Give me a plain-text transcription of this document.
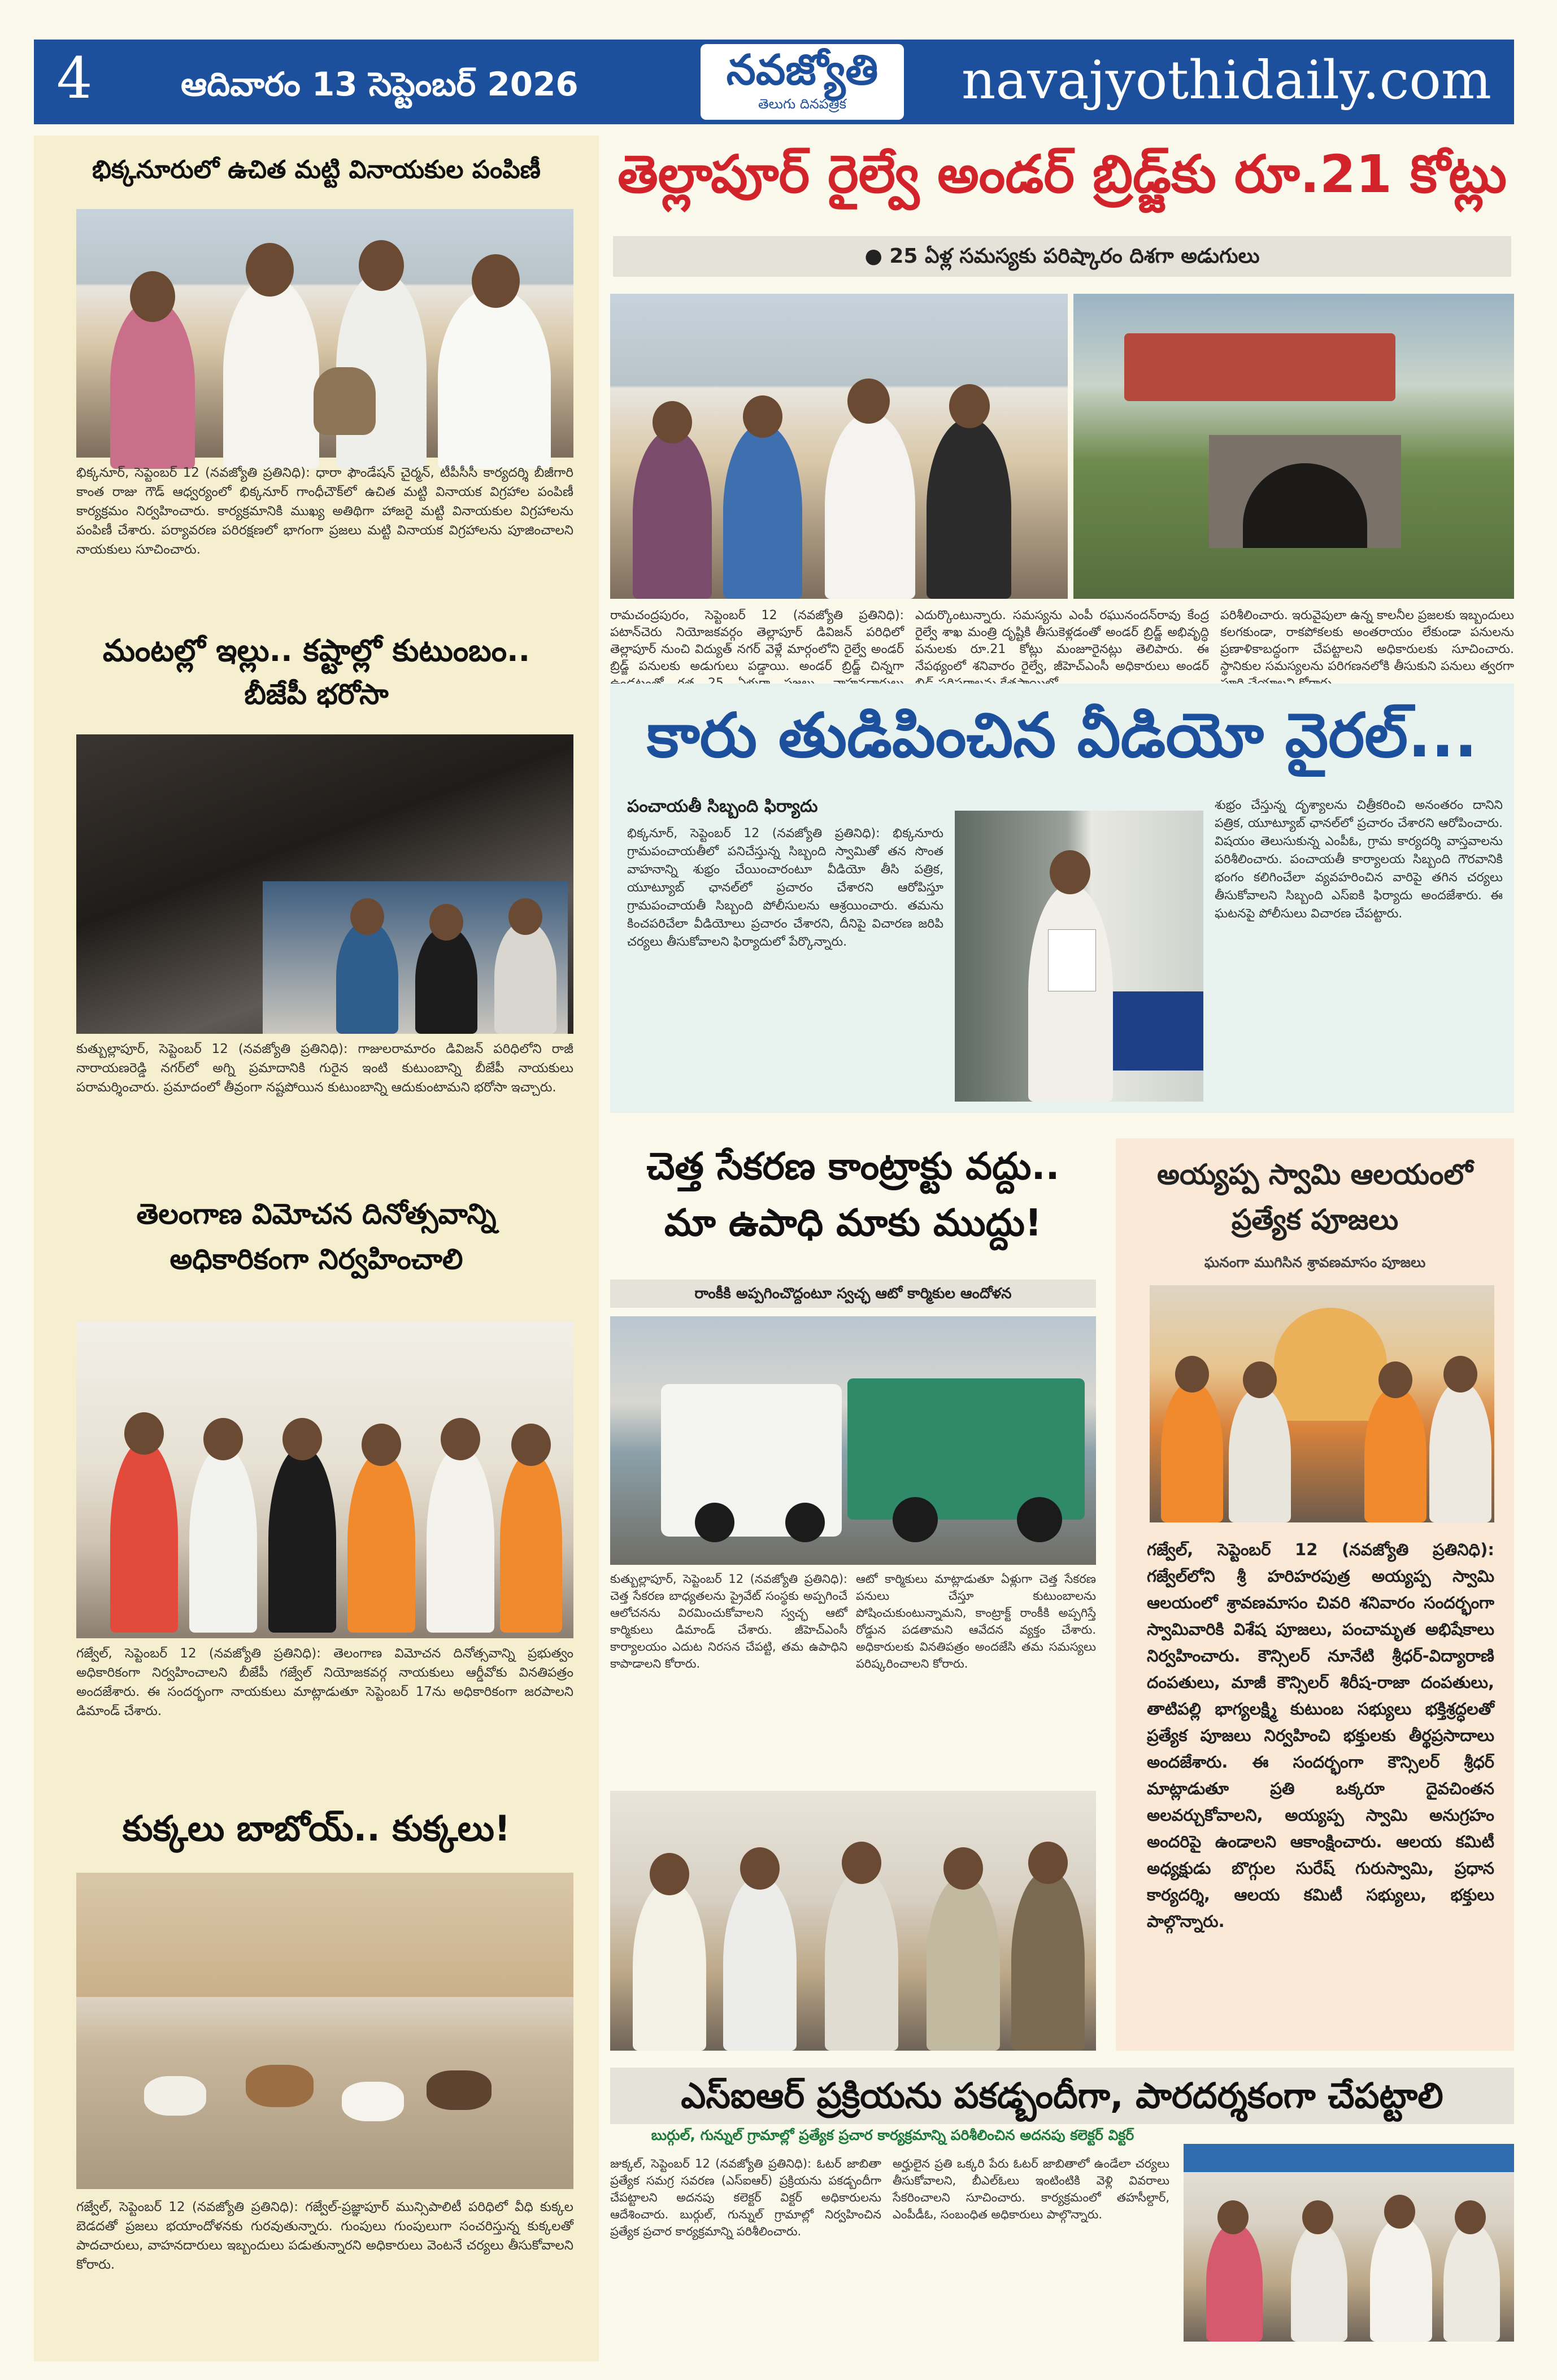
4	ఆదివారం 13 సెప్టెంబర్ 2026	నవజ్యోతి
తెలుగు దినపత్రిక	navajyothidaily.com
భిక్కనూరులో ఉచిత మట్టి వినాయకుల పంపిణీ
భిక్కనూర్, సెప్టెంబర్ 12 (నవజ్యోతి ప్రతినిధి): ధారా ఫౌండేషన్ చైర్మన్, టీపీసీసీ కార్యదర్శి బీజీగారి కాంత రాజు గౌడ్ ఆధ్వర్యంలో భిక్కనూర్ గాంధీచౌక్‌లో ఉచిత మట్టి వినాయక విగ్రహాల పంపిణీ కార్యక్రమం నిర్వహించారు. కార్యక్రమానికి ముఖ్య అతిథిగా హాజరై మట్టి వినాయకుల విగ్రహాలను పంపిణీ చేశారు. పర్యావరణ పరిరక్షణలో భాగంగా ప్రజలు మట్టి వినాయక విగ్రహాలను పూజించాలని నాయకులు సూచించారు.
మంటల్లో ఇల్లు.. కష్టాల్లో కుటుంబం..
బీజేపీ భరోసా
కుత్బుల్లాపూర్, సెప్టెంబర్ 12 (నవజ్యోతి ప్రతినిధి): గాజులరామారం డివిజన్ పరిధిలోని రాజీ నారాయణరెడ్డి నగర్‌లో అగ్ని ప్రమాదానికి గురైన ఇంటి కుటుంబాన్ని బీజేపీ నాయకులు పరామర్శించారు. ప్రమాదంలో తీవ్రంగా నష్టపోయిన కుటుంబాన్ని ఆదుకుంటామని భరోసా ఇచ్చారు.
తెలంగాణ విమోచన దినోత్సవాన్ని
అధికారికంగా నిర్వహించాలి
గజ్వేల్, సెప్టెంబర్ 12 (నవజ్యోతి ప్రతినిధి): తెలంగాణ విమోచన దినోత్సవాన్ని ప్రభుత్వం అధికారికంగా నిర్వహించాలని బీజేపీ గజ్వేల్ నియోజకవర్గ నాయకులు ఆర్డీవోకు వినతిపత్రం అందజేశారు. ఈ సందర్భంగా నాయకులు మాట్లాడుతూ సెప్టెంబర్ 17ను అధికారికంగా జరపాలని డిమాండ్ చేశారు.
కుక్కలు బాబోయ్.. కుక్కలు!
గజ్వేల్, సెప్టెంబర్ 12 (నవజ్యోతి ప్రతినిధి): గజ్వేల్-ప్రజ్ఞాపూర్ మున్సిపాలిటీ పరిధిలో వీధి కుక్కల బెడదతో ప్రజలు భయాందోళనకు గురవుతున్నారు. గుంపులు గుంపులుగా సంచరిస్తున్న కుక్కలతో పాదచారులు, వాహనదారులు ఇబ్బందులు పడుతున్నారని అధికారులు వెంటనే చర్యలు తీసుకోవాలని కోరారు.
తెల్లాపూర్ రైల్వే అండర్ బ్రిడ్జ్‌కు రూ.21 కోట్లు
● 25 ఏళ్ల సమస్యకు పరిష్కారం దిశగా అడుగులు
రామచంద్రపురం, సెప్టెంబర్ 12 (నవజ్యోతి ప్రతినిధి): పటాన్‌చెరు నియోజకవర్గం తెల్లాపూర్ డివిజన్ పరిధిలో తెల్లాపూర్ నుంచి విద్యుత్ నగర్ వెళ్లే మార్గంలోని రైల్వే అండర్ బ్రిడ్జ్ పనులకు అడుగులు పడ్డాయి. అండర్ బ్రిడ్జ్ చిన్నగా
ఎదుర్కొంటున్నారు. సమస్యను ఎంపీ రఘునందన్‌రావు కేంద్ర రైల్వే శాఖ మంత్రి దృష్టికి తీసుకెళ్లడంతో అండర్ బ్రిడ్జ్ అభివృద్ధి పనులకు రూ.21 కోట్లు మంజూరైనట్లు తెలిపారు. ఈ నేపథ్యంలో శనివారం రైల్వే, జీహెచ్ఎంసీ అధికారులు అండర్
పరిశీలించారు. ఇరువైపులా ఉన్న కాలనీల ప్రజలకు ఇబ్బందులు కలగకుండా, రాకపోకలకు అంతరాయం లేకుండా పనులను ప్రణాళికాబద్ధంగా చేపట్టాలని అధికారులకు సూచించారు. స్థానికుల సమస్యలను పరిగణనలోకి తీసుకుని పనులు త్వరగా
కారు తుడిపించిన వీడియో వైరల్...
పంచాయతీ సిబ్బంది ఫిర్యాదు
భిక్కనూర్, సెప్టెంబర్ 12 (నవజ్యోతి ప్రతినిధి): భిక్కనూరు గ్రామపంచాయతీలో పనిచేస్తున్న సిబ్బంది స్వామితో తన సొంత వాహనాన్ని శుభ్రం చేయించారంటూ వీడియో తీసి పత్రిక, యూట్యూబ్ ఛానల్‌లో ప్రచారం చేశారని ఆరోపిస్తూ గ్రామపంచాయతీ సిబ్బంది పోలీసులను ఆశ్రయించారు. తమను కించపరిచేలా వీడియోలు ప్రచారం చేశారని, దీనిపై విచారణ జరిపి చర్యలు తీసుకోవాలని ఫిర్యాదులో పేర్కొన్నారు.
శుభ్రం చేస్తున్న దృశ్యాలను చిత్రీకరించి అనంతరం దానిని పత్రిక, యూట్యూబ్ ఛానల్‌లో ప్రచారం చేశారని ఆరోపించారు. విషయం తెలుసుకున్న ఎంపీఓ, గ్రామ కార్యదర్శి వాస్తవాలను పరిశీలించారు. పంచాయతీ కార్యాలయ సిబ్బంది గౌరవానికి భంగం కలిగించేలా వ్యవహరించిన వారిపై తగిన చర్యలు తీసుకోవాలని సిబ్బంది ఎస్ఐకి ఫిర్యాదు అందజేశారు. ఈ ఘటనపై పోలీసులు విచారణ చేపట్టారు.
చెత్త సేకరణ కాంట్రాక్టు వద్దు..
మా ఉపాధి మాకు ముద్దు!
రాంకీకి అప్పగించొద్దంటూ స్వచ్ఛ ఆటో కార్మికుల ఆందోళన
కుత్బుల్లాపూర్, సెప్టెంబర్ 12 (నవజ్యోతి ప్రతినిధి): చెత్త సేకరణ బాధ్యతలను ప్రైవేట్ సంస్థకు అప్పగించే ఆలోచనను విరమించుకోవాలని స్వచ్ఛ ఆటో కార్మికులు డిమాండ్ చేశారు. జీహెచ్ఎంసీ కార్యాలయం ఎదుట నిరసన చేపట్టి, తమ ఉపాధిని కాపాడాలని కోరారు.
ఆటో కార్మికులు మాట్లాడుతూ ఏళ్లుగా చెత్త సేకరణ పనులు చేస్తూ కుటుంబాలను పోషించుకుంటున్నామని, కాంట్రాక్ట్ రాంకీకి అప్పగిస్తే రోడ్డున పడతామని ఆవేదన వ్యక్తం చేశారు. అధికారులకు వినతిపత్రం అందజేసి తమ సమస్యలు పరిష్కరించాలని కోరారు.
అయ్యప్ప స్వామి ఆలయంలో
ప్రత్యేక పూజలు
ఘనంగా ముగిసిన శ్రావణమాసం పూజలు
గజ్వేల్, సెప్టెంబర్ 12 (నవజ్యోతి ప్రతినిధి): గజ్వేల్‌లోని శ్రీ హరిహరపుత్ర అయ్యప్ప స్వామి ఆలయంలో శ్రావణమాసం చివరి శనివారం సందర్భంగా స్వామివారికి విశేష పూజలు, పంచామృత అభిషేకాలు నిర్వహించారు. కౌన్సిలర్ నూనేటి శ్రీధర్-విద్యారాణి దంపతులు, మాజీ కౌన్సిలర్ శిరీష-రాజా దంపతులు, తాటిపల్లి భాగ్యలక్ష్మి కుటుంబ సభ్యులు భక్తిశ్రద్ధలతో ప్రత్యేక పూజలు నిర్వహించి భక్తులకు తీర్థప్రసాదాలు అందజేశారు. ఈ సందర్భంగా కౌన్సిలర్ శ్రీధర్ మాట్లాడుతూ ప్రతి ఒక్కరూ దైవచింతన అలవర్చుకోవాలని, అయ్యప్ప స్వామి అనుగ్రహం అందరిపై ఉండాలని ఆకాంక్షించారు. ఆలయ కమిటీ అధ్యక్షుడు బొగ్గుల సురేష్ గురుస్వామి, ప్రధాన కార్యదర్శి, ఆలయ కమిటీ సభ్యులు, భక్తులు పాల్గొన్నారు.
ఎస్ఐఆర్ ప్రక్రియను పకడ్బందీగా, పారదర్శకంగా చేపట్టాలి
బుర్గుల్, గున్నుల్ గ్రామాల్లో ప్రత్యేక ప్రచార కార్యక్రమాన్ని పరిశీలించిన అదనపు కలెక్టర్ విక్టర్
జుక్కల్, సెప్టెంబర్ 12 (నవజ్యోతి ప్రతినిధి): ఓటర్ జాబితా ప్రత్యేక సమగ్ర సవరణ (ఎస్ఐఆర్) ప్రక్రియను పకడ్బందీగా చేపట్టాలని అదనపు కలెక్టర్ విక్టర్ అధికారులను ఆదేశించారు. బుర్గుల్, గున్నుల్ గ్రామాల్లో నిర్వహించిన ప్రత్యేక ప్రచార కార్యక్రమాన్ని పరిశీలించారు.
అర్హులైన ప్రతి ఒక్కరి పేరు ఓటర్ జాబితాలో ఉండేలా చర్యలు తీసుకోవాలని, బీఎల్ఓలు ఇంటింటికి వెళ్లి వివరాలు సేకరించాలని సూచించారు. కార్యక్రమంలో తహసీల్దార్, ఎంపీడీఓ, సంబంధిత అధికారులు పాల్గొన్నారు.
